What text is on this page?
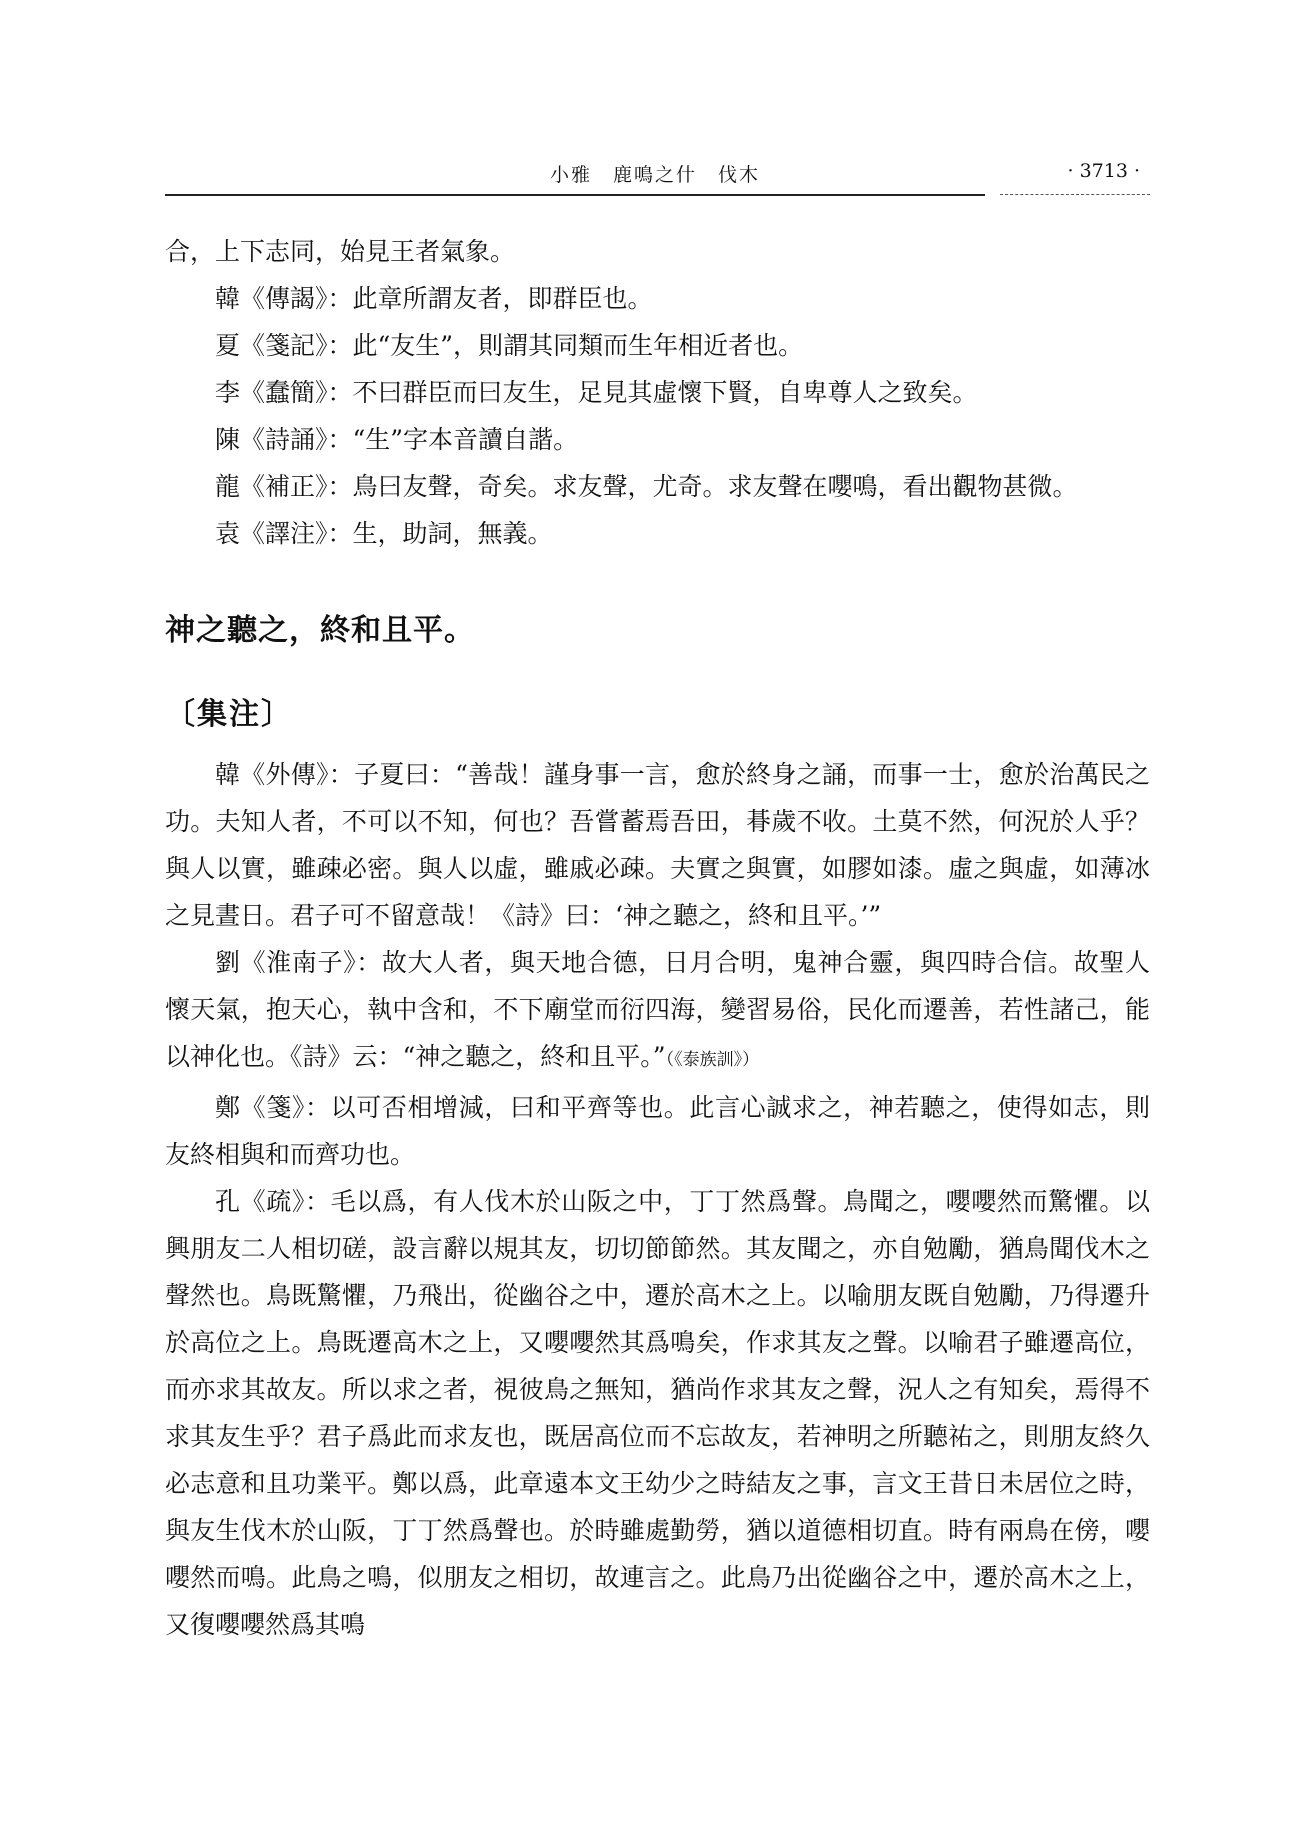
小雅　鹿鳴之什　伐木	· 3713 ·

合，上下志同，始見王者氣象。

韓《傳謁》：此章所謂友者，即群臣也。

夏《箋記》：此“友生”，則謂其同類而生年相近者也。

李《蠢簡》：不曰群臣而曰友生，足見其虛懷下賢，自卑尊人之致矣。

陳《詩誦》：“生”字本音讀自諧。

龍《補正》：鳥曰友聲，奇矣。求友聲，尤奇。求友聲在嚶鳴，看出觀物甚微。

袁《譯注》：生，助詞，無義。

神之聽之，終和且平。
〔集注〕

韓《外傳》：子夏曰：“善哉！謹身事一言，愈於終身之誦，而事一士，愈於治萬民之功。夫知人者，不可以不知，何也？吾嘗蓄焉吾田，朞歲不收。土莫不然，何況於人乎？與人以實，雖疎必密。與人以虛，雖戚必疎。夫實之與實，如膠如漆。虛之與虛，如薄冰之見晝日。君子可不留意哉！《詩》曰：‘神之聽之，終和且平。’”

劉《淮南子》：故大人者，與天地合德，日月合明，鬼神合靈，與四時合信。故聖人懷天氣，抱天心，執中含和，不下廟堂而衍四海，變習易俗，民化而遷善，若性諸己，能以神化也。《詩》云：“神之聽之，終和且平。”（《泰族訓》）

鄭《箋》：以可否相增減，曰和平齊等也。此言心誠求之，神若聽之，使得如志，則友終相與和而齊功也。

孔《疏》：毛以爲，有人伐木於山阪之中，丁丁然爲聲。鳥聞之，嚶嚶然而驚懼。以興朋友二人相切磋，設言辭以規其友，切切節節然。其友聞之，亦自勉勵，猶鳥聞伐木之聲然也。鳥既驚懼，乃飛出，從幽谷之中，遷於高木之上。以喻朋友既自勉勵，乃得遷升於高位之上。鳥既遷高木之上，又嚶嚶然其爲鳴矣，作求其友之聲。以喻君子雖遷高位，而亦求其故友。所以求之者，視彼鳥之無知，猶尚作求其友之聲，況人之有知矣，焉得不求其友生乎？君子爲此而求友也，既居高位而不忘故友，若神明之所聽祐之，則朋友終久必志意和且功業平。鄭以爲，此章遠本文王幼少之時結友之事，言文王昔日未居位之時，與友生伐木於山阪，丁丁然爲聲也。於時雖處勤勞，猶以道德相切直。時有兩鳥在傍，嚶嚶然而鳴。此鳥之鳴，似朋友之相切，故連言之。此鳥乃出從幽谷之中，遷於高木之上，又復嚶嚶然爲其鳴
